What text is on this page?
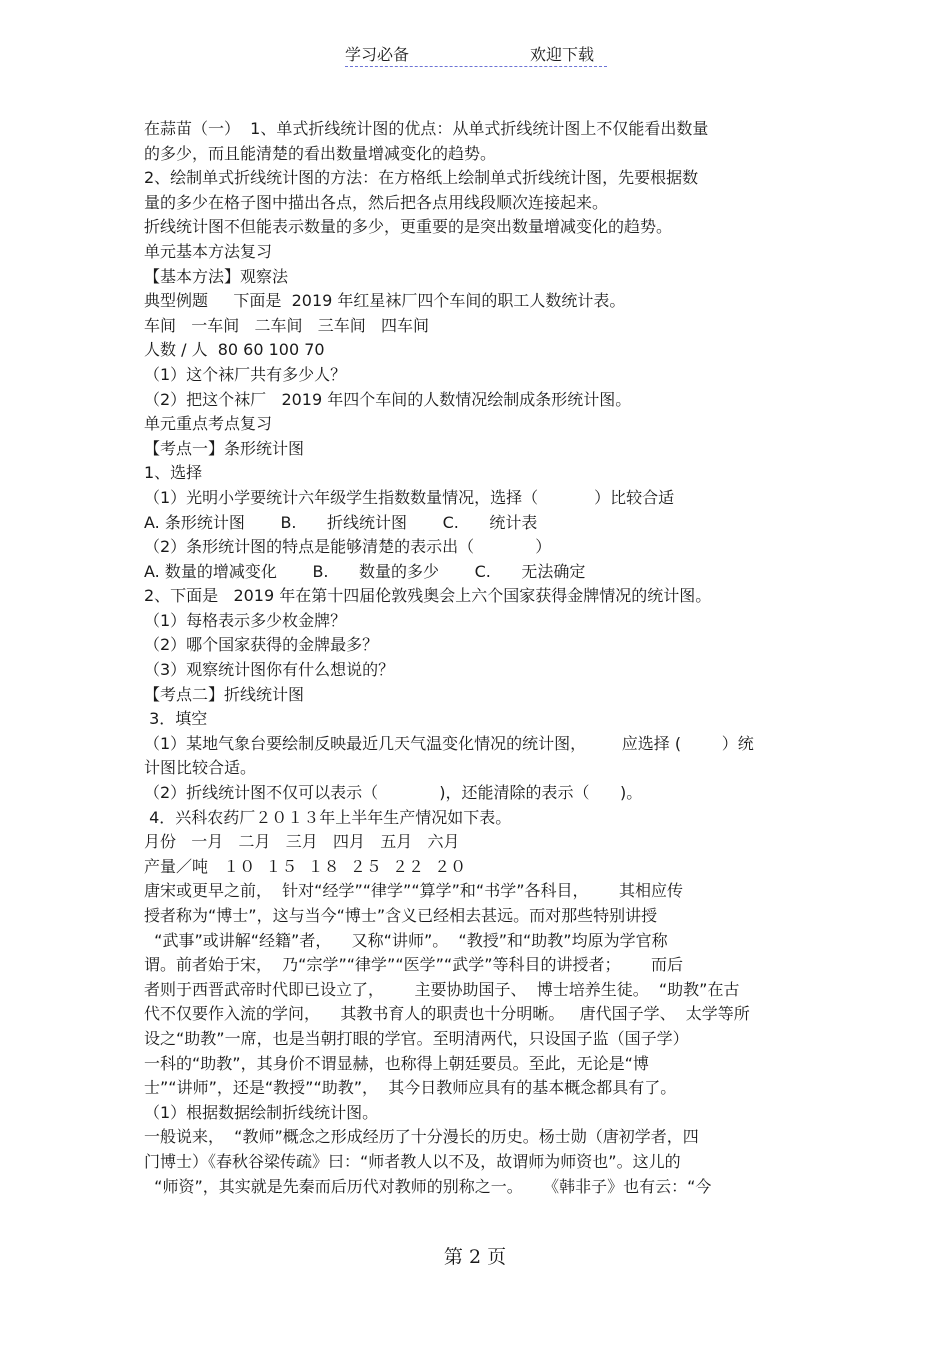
学习必备	欢迎下载
在蒜苗（一）  1、单式折线统计图的优点：从单式折线统计图上不仅能看出数量
的多少，而且能清楚的看出数量增减变化的趋势。
2、绘制单式折线统计图的方法：在方格纸上绘制单式折线统计图，先要根据数
量的多少在格子图中描出各点，然后把各点用线段顺次连接起来。
折线统计图不但能表示数量的多少，更重要的是突出数量增减变化的趋势。
单元基本方法复习
【基本方法】观察法
典型例题     下面是  2019 年红星袜厂四个车间的职工人数统计表。
车间   一车间   二车间   三车间   四车间
人数 / 人  80 60 100 70
（1）这个袜厂共有多少人？
（2）把这个袜厂   2019 年四个车间的人数情况绘制成条形统计图。
单元重点考点复习
【考点一】条形统计图
1、选择
（1）光明小学要统计六年级学生指数数量情况，选择（           ）比较合适
A. 条形统计图       B.      折线统计图       C.      统计表
（2）条形统计图的特点是能够清楚的表示出（            ）
A. 数量的增减变化       B.      数量的多少       C.      无法确定
2、下面是   2019 年在第十四届伦敦残奥会上六个国家获得金牌情况的统计图。
（1）每格表示多少枚金牌？
（2）哪个国家获得的金牌最多？
（3）观察统计图你有什么想说的？
【考点二】折线统计图
3．填空
（1）某地气象台要绘制反映最近几天气温变化情况的统计图，       应选择 (        ）统
计图比较合适。
（2）折线统计图不仅可以表示（            )，还能清除的表示（      )。
4．兴科农药厂２０１３年上半年生产情况如下表。
月份   一月   二月   三月   四月   五月   六月
产量／吨   １０  １５  １８  ２５  ２２  ２０
唐宋或更早之前，  针对“经学”“律学”“算学”和“书学”各科目，      其相应传
授者称为“博士”，这与当今“博士”含义已经相去甚远。而对那些特别讲授
“武事”或讲解“经籍”者，    又称“讲师”。  “教授”和“助教”均原为学官称
谓。前者始于宋，  乃“宗学”“律学”“医学”“武学”等科目的讲授者；      而后
者则于西晋武帝时代即已设立了，      主要协助国子、  博士培养生徒。  “助教”在古
代不仅要作入流的学问，    其教书育人的职责也十分明晰。   唐代国子学、  太学等所
设之“助教”一席，也是当朝打眼的学官。至明清两代，只设国子监（国子学）
一科的“助教”，其身价不谓显赫，也称得上朝廷要员。至此，无论是“博
士”“讲师”，还是“教授”“助教”，  其今日教师应具有的基本概念都具有了。
（1）根据数据绘制折线统计图。
一般说来，  “教师”概念之形成经历了十分漫长的历史。杨士勋（唐初学者，四
门博士）《春秋谷梁传疏》曰：“师者教人以不及，故谓师为师资也”。这儿的
“师资”，其实就是先秦而后历代对教师的别称之一。    《韩非子》也有云：“今
第 2 页
